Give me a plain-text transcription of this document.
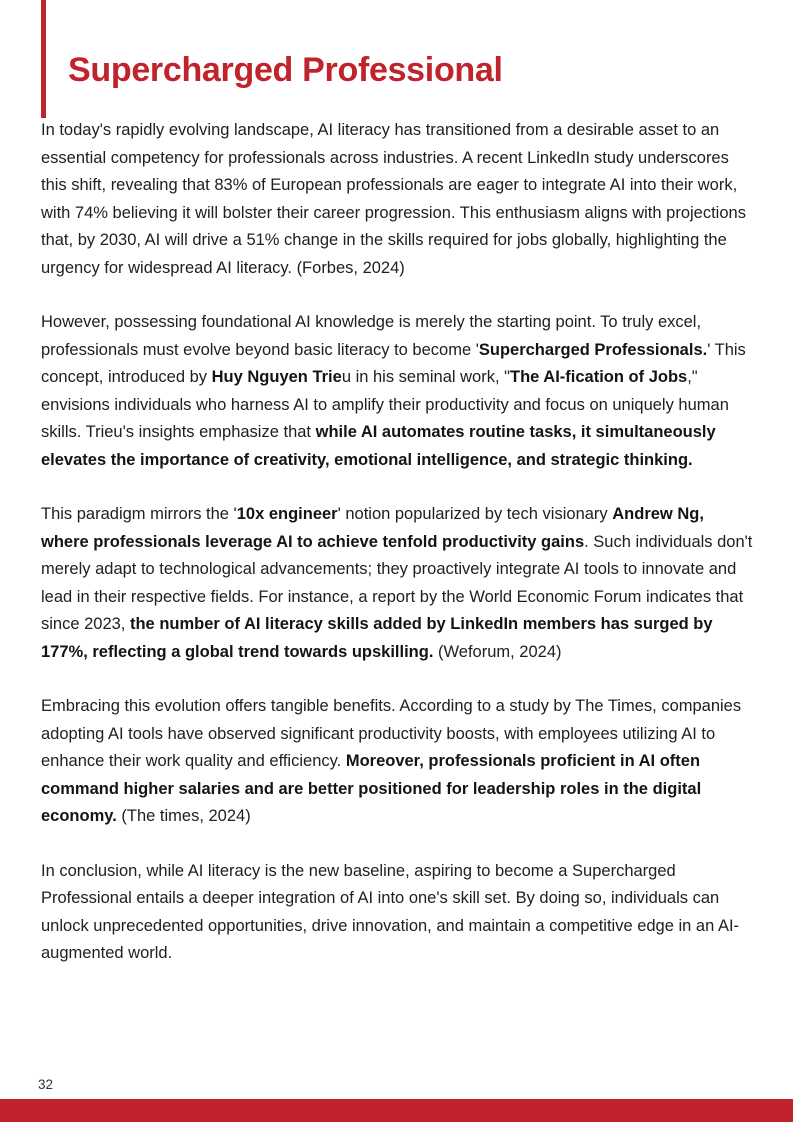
Supercharged Professional

In today's rapidly evolving landscape, AI literacy has transitioned from a desirable asset to an essential competency for professionals across industries. A recent LinkedIn study underscores this shift, revealing that 83% of European professionals are eager to integrate AI into their work, with 74% believing it will bolster their career progression. This enthusiasm aligns with projections that, by 2030, AI will drive a 51% change in the skills required for jobs globally, highlighting the urgency for widespread AI literacy. (Forbes, 2024)

However, possessing foundational AI knowledge is merely the starting point. To truly excel, professionals must evolve beyond basic literacy to become 'Supercharged Professionals.' This concept, introduced by Huy Nguyen Trieu in his seminal work, "The AI-fication of Jobs," envisions individuals who harness AI to amplify their productivity and focus on uniquely human skills. Trieu's insights emphasize that while AI automates routine tasks, it simultaneously elevates the importance of creativity, emotional intelligence, and strategic thinking.

This paradigm mirrors the '10x engineer' notion popularized by tech visionary Andrew Ng, where professionals leverage AI to achieve tenfold productivity gains. Such individuals don't merely adapt to technological advancements; they proactively integrate AI tools to innovate and lead in their respective fields. For instance, a report by the World Economic Forum indicates that since 2023, the number of AI literacy skills added by LinkedIn members has surged by 177%, reflecting a global trend towards upskilling. (Weforum, 2024)

Embracing this evolution offers tangible benefits. According to a study by The Times, companies adopting AI tools have observed significant productivity boosts, with employees utilizing AI to enhance their work quality and efficiency. Moreover, professionals proficient in AI often command higher salaries and are better positioned for leadership roles in the digital economy. (The times, 2024)

In conclusion, while AI literacy is the new baseline, aspiring to become a Supercharged Professional entails a deeper integration of AI into one's skill set. By doing so, individuals can unlock unprecedented opportunities, drive innovation, and maintain a competitive edge in an AI-augmented world.

32
